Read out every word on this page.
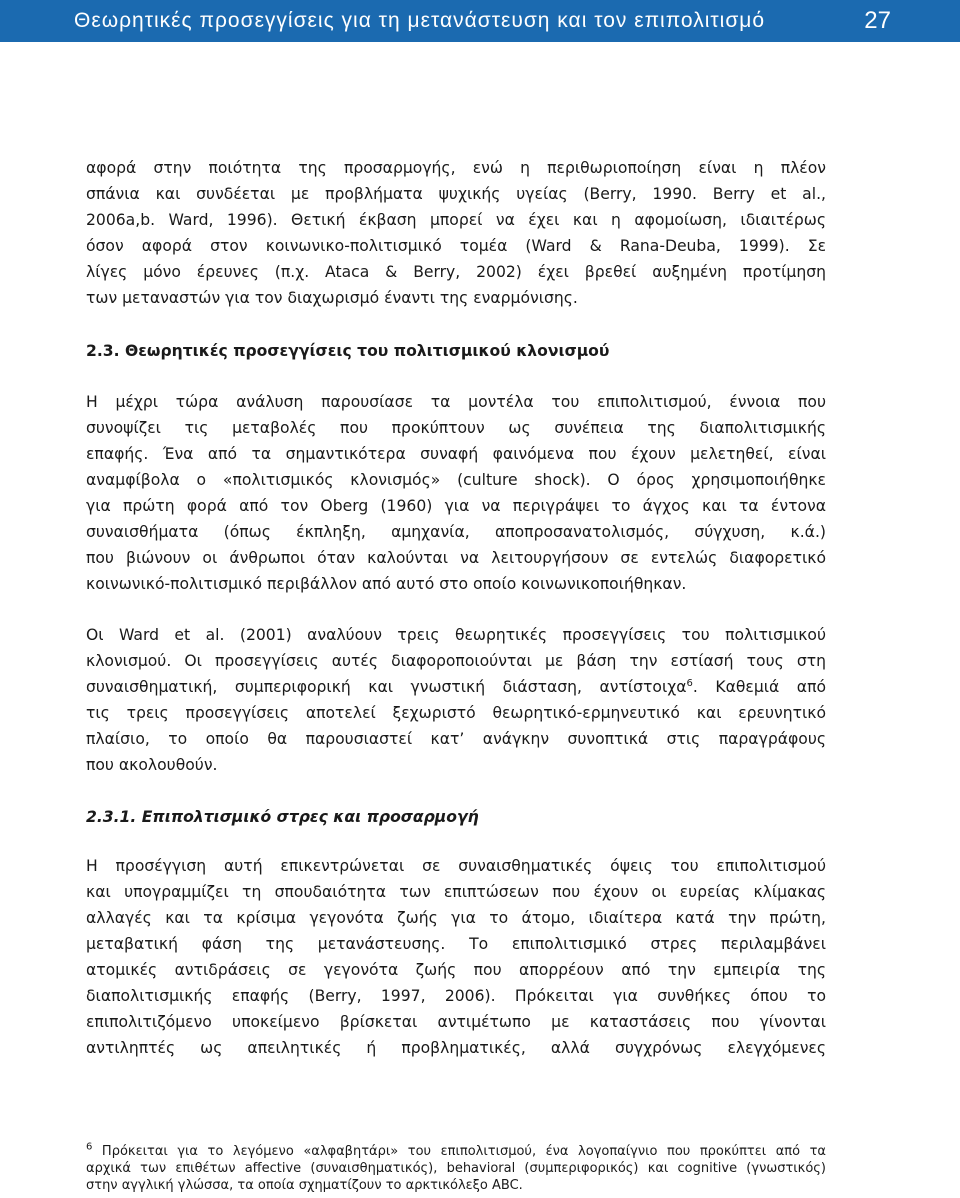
Θεωρητικές προσεγγίσεις για τη μετανάστευση και τον επιπολιτισμό	27

αφορά στην ποιότητα της προσαρμογής, ενώ η περιθωριοποίηση είναι η πλέον
σπάνια και συνδέεται με προβλήματα ψυχικής υγείας (Berry, 1990. Berry et al.,
2006a,b. Ward, 1996). Θετική έκβαση μπορεί να έχει και η αφομοίωση, ιδιαιτέρως
όσον αφορά στον κοινωνικο-πολιτισμικό τομέα (Ward & Rana-Deuba, 1999). Σε
λίγες μόνο έρευνες (π.χ. Ataca & Berry, 2002) έχει βρεθεί αυξημένη προτίμηση
των μεταναστών για τον διαχωρισμό έναντι της εναρμόνισης.

2.3. Θεωρητικές προσεγγίσεις του πολιτισμικού κλονισμού

Η μέχρι τώρα ανάλυση παρουσίασε τα μοντέλα του επιπολιτισμού, έννοια που
συνοψίζει τις μεταβολές που προκύπτουν ως συνέπεια της διαπολιτισμικής
επαφής. Ένα από τα σημαντικότερα συναφή φαινόμενα που έχουν μελετηθεί, είναι
αναμφίβολα ο «πολιτισμικός κλονισμός» (culture shock). Ο όρος χρησιμοποιήθηκε
για πρώτη φορά από τον Oberg (1960) για να περιγράψει το άγχος και τα έντονα
συναισθήματα (όπως έκπληξη, αμηχανία, αποπροσανατολισμός, σύγχυση, κ.ά.)
που βιώνουν οι άνθρωποι όταν καλούνται να λειτουργήσουν σε εντελώς διαφορετικό
κοινωνικό-πολιτισμικό περιβάλλον από αυτό στο οποίο κοινωνικοποιήθηκαν.

Οι Ward et al. (2001) αναλύουν τρεις θεωρητικές προσεγγίσεις του πολιτισμικού
κλονισμού. Οι προσεγγίσεις αυτές διαφοροποιούνται με βάση την εστίασή τους στη
συναισθηματική, συμπεριφορική και γνωστική διάσταση, αντίστοιχα$^6$. Καθεμιά από
τις τρεις προσεγγίσεις αποτελεί ξεχωριστό θεωρητικό-ερμηνευτικό και ερευνητικό
πλαίσιο, το οποίο θα παρουσιαστεί κατ’ ανάγκην συνοπτικά στις παραγράφους
που ακολουθούν.

2.3.1. Επιπολτισμικό στρες και προσαρμογή

Η προσέγγιση αυτή επικεντρώνεται σε συναισθηματικές όψεις του επιπολιτισμού
και υπογραμμίζει τη σπουδαιότητα των επιπτώσεων που έχουν οι ευρείας κλίμακας
αλλαγές και τα κρίσιμα γεγονότα ζωής για το άτομο, ιδιαίτερα κατά την πρώτη,
μεταβατική φάση της μετανάστευσης. Το επιπολιτισμικό στρες περιλαμβάνει
ατομικές αντιδράσεις σε γεγονότα ζωής που απορρέουν από την εμπειρία της
διαπολιτισμικής επαφής (Berry, 1997, 2006). Πρόκειται για συνθήκες όπου το
επιπολιτιζόμενο υποκείμενο βρίσκεται αντιμέτωπο με καταστάσεις που γίνονται
αντιληπτές ως απειλητικές ή προβληματικές, αλλά συγχρόνως ελεγχόμενες

$^6$ Πρόκειται για το λεγόμενο «αλφαβητάρι» του επιπολιτισμού, ένα λογοπαίγνιο που προκύπτει από τα
αρχικά των επιθέτων affective (συναισθηματικός), behavioral (συμπεριφορικός) και cognitive (γνωστικός)
στην αγγλική γλώσσα, τα οποία σχηματίζουν το αρκτικόλεξο ABC.
